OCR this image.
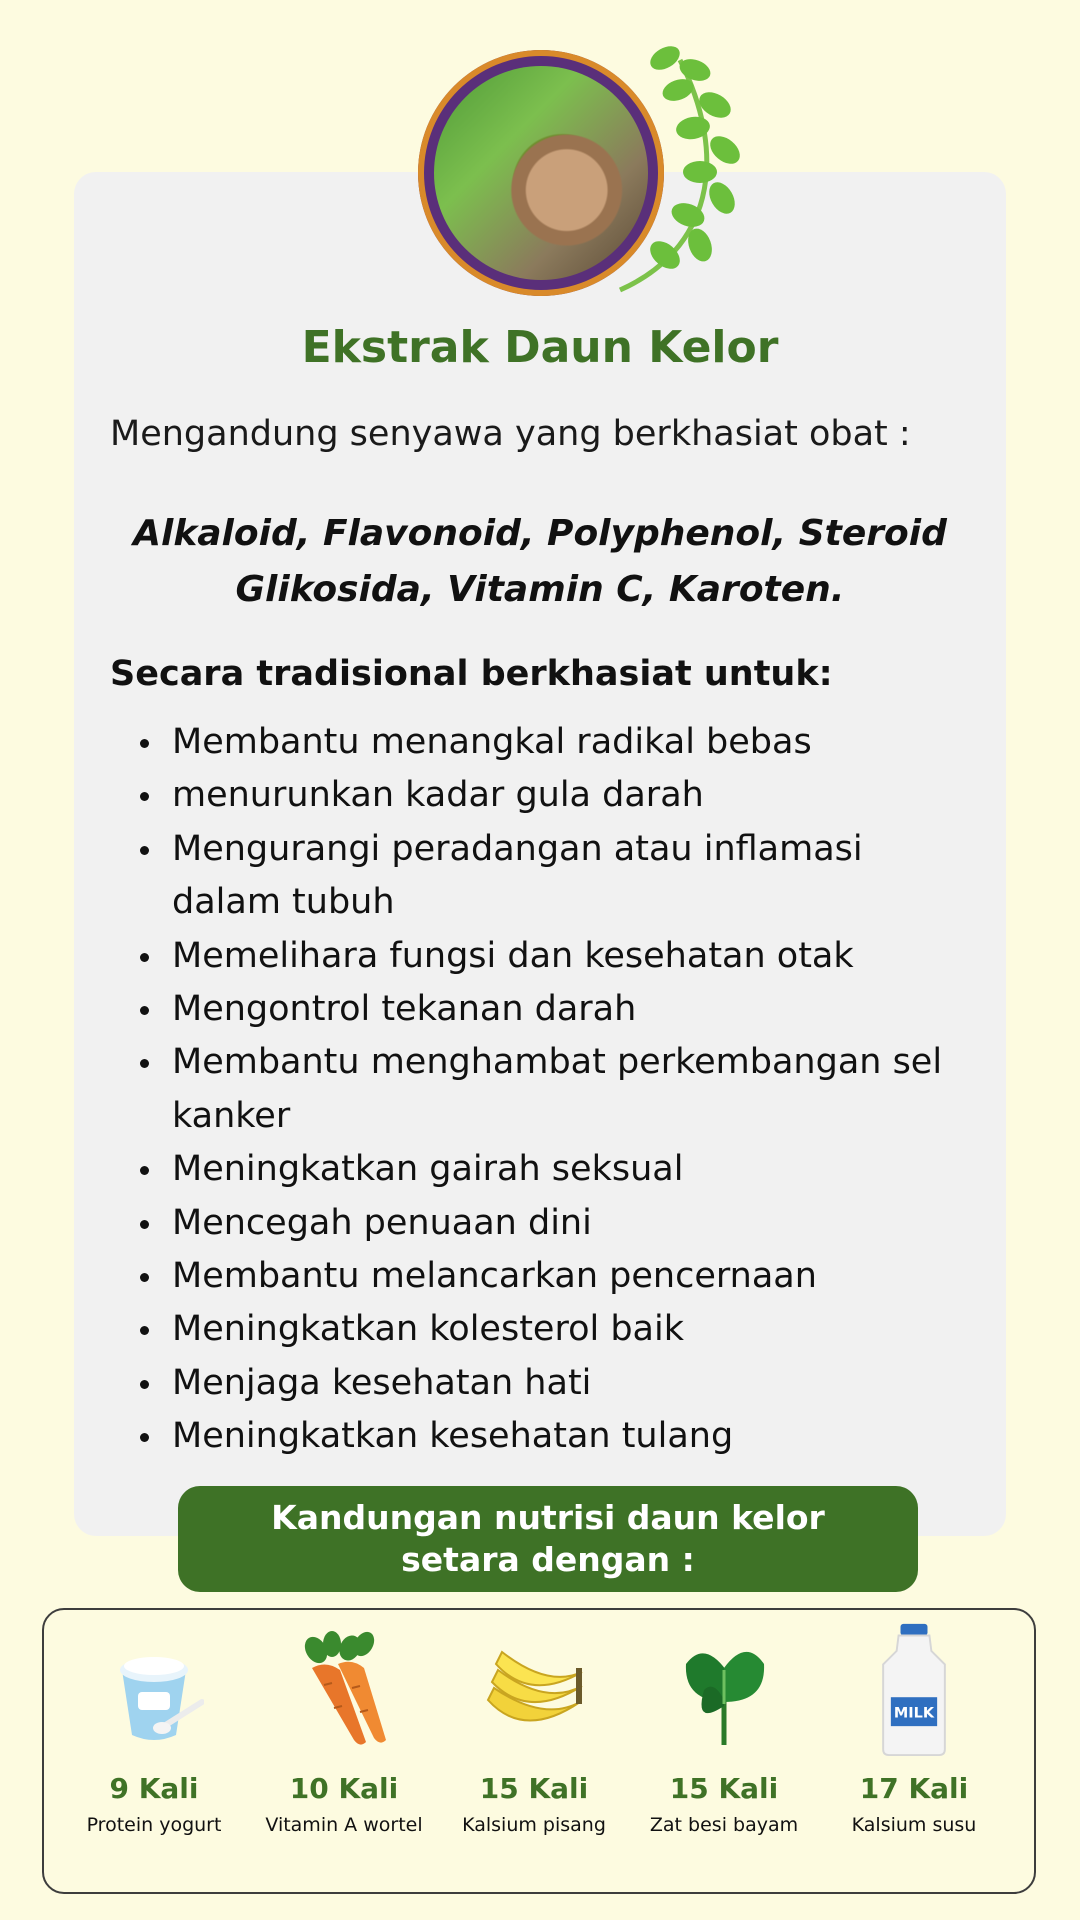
Ekstrak Daun Kelor
Mengandung senyawa yang berkhasiat obat :
Alkaloid, Flavonoid, Polyphenol, Steroid
Glikosida, Vitamin C, Karoten.
Secara tradisional berkhasiat untuk:
Membantu menangkal radikal bebas
menurunkan kadar gula darah
Mengurangi peradangan atau inflamasi dalam tubuh
Memelihara fungsi dan kesehatan otak
Mengontrol tekanan darah
Membantu menghambat perkembangan sel kanker
Meningkatkan gairah seksual
Mencegah penuaan dini
Membantu melancarkan pencernaan
Meningkatkan kolesterol baik
Menjaga kesehatan hati
Meningkatkan kesehatan tulang
Kandungan nutrisi daun kelor
setara dengan :
9 Kali
Protein yogurt
10 Kali
Vitamin A wortel
15 Kali
Kalsium pisang
15 Kali
Zat besi bayam
MILK
17 Kali
Kalsium susu
